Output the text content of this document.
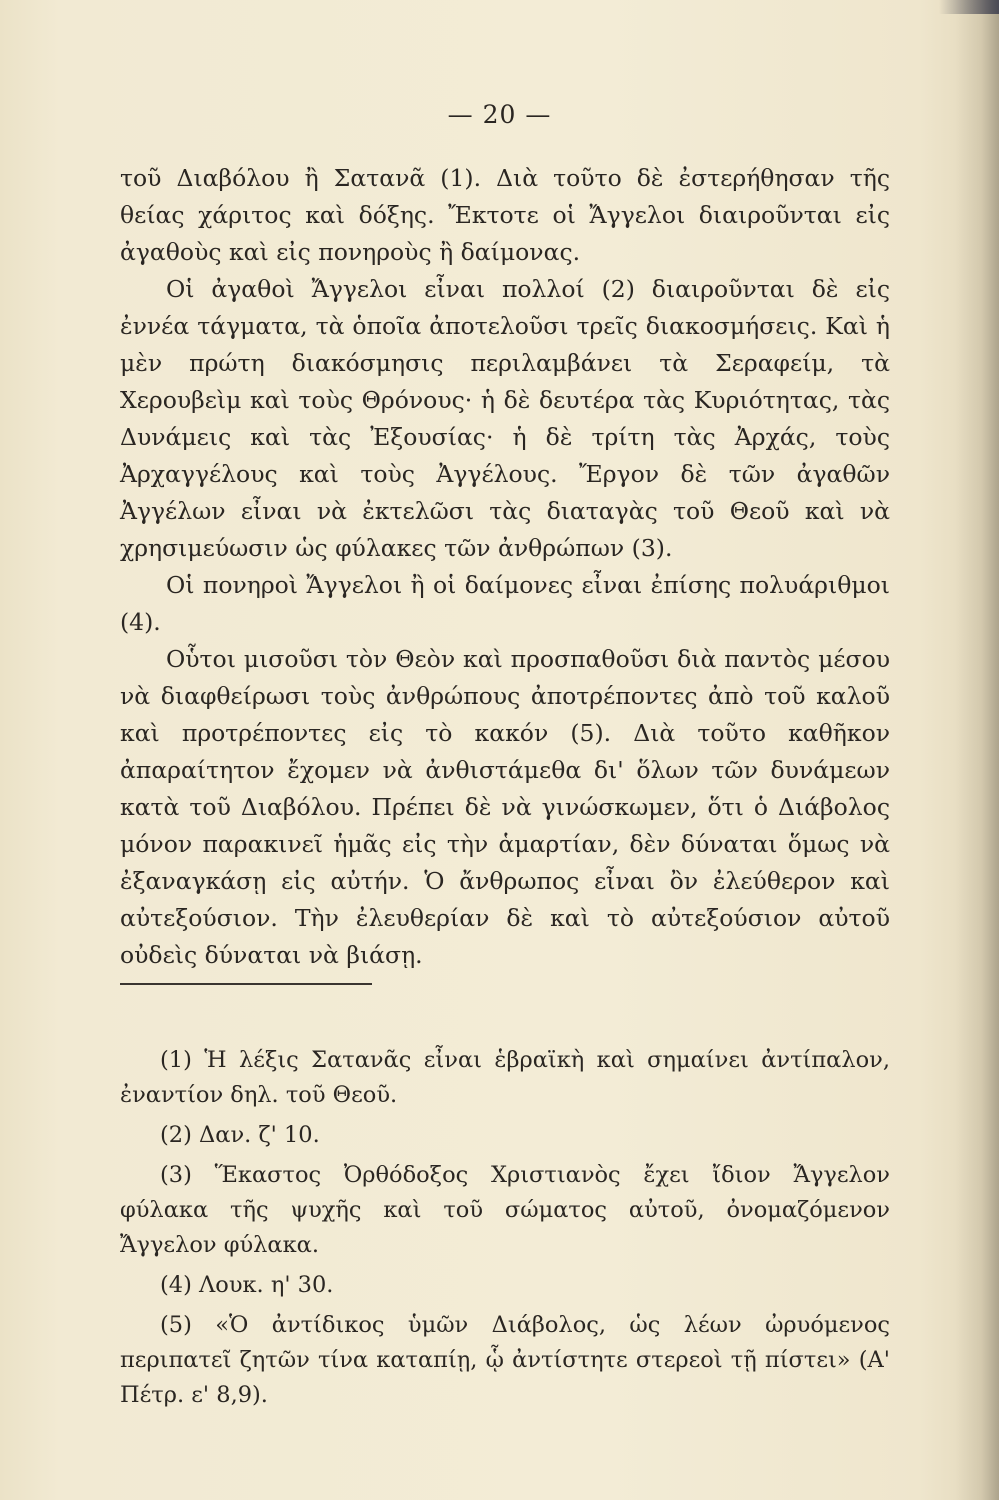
— 20 —

τοῦ Διαβόλου ἢ Σατανᾶ (1). Διὰ τοῦτο δὲ ἐστερήθησαν τῆς θείας χάριτος καὶ δόξης. Ἔκτοτε οἱ Ἄγγελοι διαιροῦνται εἰς ἀγαθοὺς καὶ εἰς πονηροὺς ἢ δαίμονας.

Οἱ ἀγαθοὶ Ἄγγελοι εἶναι πολλοί (2) διαιροῦνται δὲ εἰς ἐννέα τάγματα, τὰ ὁποῖα ἀποτελοῦσι τρεῖς διακοσμήσεις. Καὶ ἡ μὲν πρώτη διακόσμησις περιλαμβάνει τὰ Σεραφείμ, τὰ Χερουβεὶμ καὶ τοὺς Θρόνους· ἡ δὲ δευτέρα τὰς Κυριότητας, τὰς Δυνάμεις καὶ τὰς Ἐξουσίας· ἡ δὲ τρίτη τὰς Ἀρχάς, τοὺς Ἀρχαγγέλους καὶ τοὺς Ἀγγέλους. Ἔργον δὲ τῶν ἀγαθῶν Ἀγγέλων εἶναι νὰ ἐκτελῶσι τὰς διαταγὰς τοῦ Θεοῦ καὶ νὰ χρησιμεύωσιν ὡς φύλακες τῶν ἀνθρώπων (3).

Οἱ πονηροὶ Ἄγγελοι ἢ οἱ δαίμονες εἶναι ἐπίσης πολυάριθμοι (4).

Οὗτοι μισοῦσι τὸν Θεὸν καὶ προσπαθοῦσι διὰ παντὸς μέσου νὰ διαφθείρωσι τοὺς ἀνθρώπους ἀποτρέποντες ἀπὸ τοῦ καλοῦ καὶ προτρέποντες εἰς τὸ κακόν (5). Διὰ τοῦτο καθῆκον ἀπαραίτητον ἔχομεν νὰ ἀνθιστάμεθα δι' ὅλων τῶν δυνάμεων κατὰ τοῦ Διαβόλου. Πρέπει δὲ νὰ γινώσκωμεν, ὅτι ὁ Διάβολος μόνον παρακινεῖ ἡμᾶς εἰς τὴν ἁμαρτίαν, δὲν δύναται ὅμως νὰ ἐξαναγκάσῃ εἰς αὐτήν. Ὁ ἄνθρωπος εἶναι ὂν ἐλεύθερον καὶ αὐτεξούσιον. Τὴν ἐλευθερίαν δὲ καὶ τὸ αὐτεξούσιον αὐτοῦ οὐδεὶς δύναται νὰ βιάσῃ.

(1) Ἡ λέξις Σατανᾶς εἶναι ἑβραϊκὴ καὶ σημαίνει ἀντίπαλον, ἐναντίον δηλ. τοῦ Θεοῦ.

(2) Δαν. ζ' 10.

(3) Ἕκαστος Ὀρθόδοξος Χριστιανὸς ἔχει ἴδιον Ἄγγελον φύλακα τῆς ψυχῆς καὶ τοῦ σώματος αὐτοῦ, ὀνομαζόμενον Ἄγγελον φύλακα.

(4) Λουκ. η' 30.

(5) «Ὁ ἀντίδικος ὑμῶν Διάβολος, ὡς λέων ὠρυόμενος περιπατεῖ ζητῶν τίνα καταπίῃ, ᾧ ἀντίστητε στερεοὶ τῇ πίστει» (Α' Πέτρ. ε' 8,9).
